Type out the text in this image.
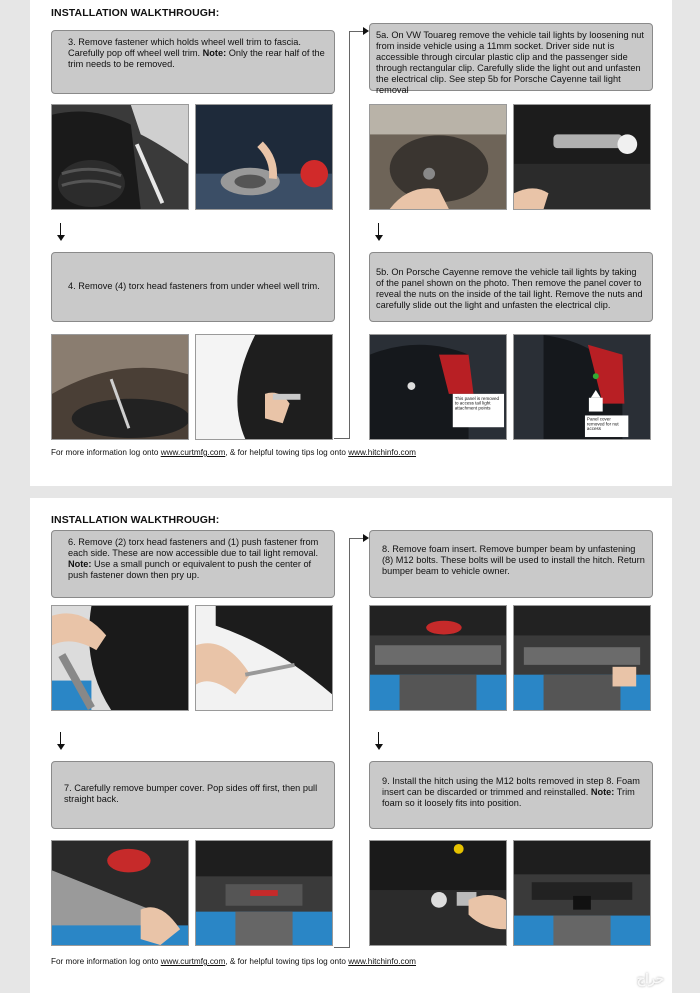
INSTALLATION WALKTHROUGH:
3. Remove fastener which holds wheel well trim to fascia. Carefully pop off wheel well trim. Note: Only the rear half of the trim needs to be removed.
5a. On VW Touareg remove the vehicle tail lights by loosening nut from inside vehicle using a 11mm socket. Driver side nut is accessible through circular plastic clip and the passenger side through rectangular clip. Carefully slide the light out and unfasten the electrical clip. See step 5b for Porsche Cayenne tail light removal
4. Remove (4) torx head fasteners from under wheel well trim.
5b. On Porsche Cayenne remove the vehicle tail lights by taking of the panel shown on the photo. Then remove the panel cover to reveal the nuts on the inside of the tail light. Remove the nuts and carefully slide out the light and unfasten the electrical clip.
This panel is removed to access tail light attachment points
Panel cover removed for nut access
For more information log onto www.curtmfg.com, & for helpful towing tips log onto www.hitchinfo.com
INSTALLATION WALKTHROUGH:
6. Remove (2) torx head fasteners and (1) push fastener from each side. These are now accessible due to tail light removal. Note: Use a small punch or equivalent to push the center of push fastener down then pry up.
8. Remove foam insert. Remove bumper beam by unfastening (8) M12 bolts. These bolts will be used to install the hitch. Return bumper beam to vehicle owner.
7. Carefully remove bumper cover. Pop sides off first, then pull straight back.
9. Install the hitch using the M12 bolts removed in step 8. Foam insert can be discarded or trimmed and reinstalled. Note: Trim foam so it loosely fits into position.
For more information log onto www.curtmfg.com, & for helpful towing tips log onto www.hitchinfo.com
حراج
